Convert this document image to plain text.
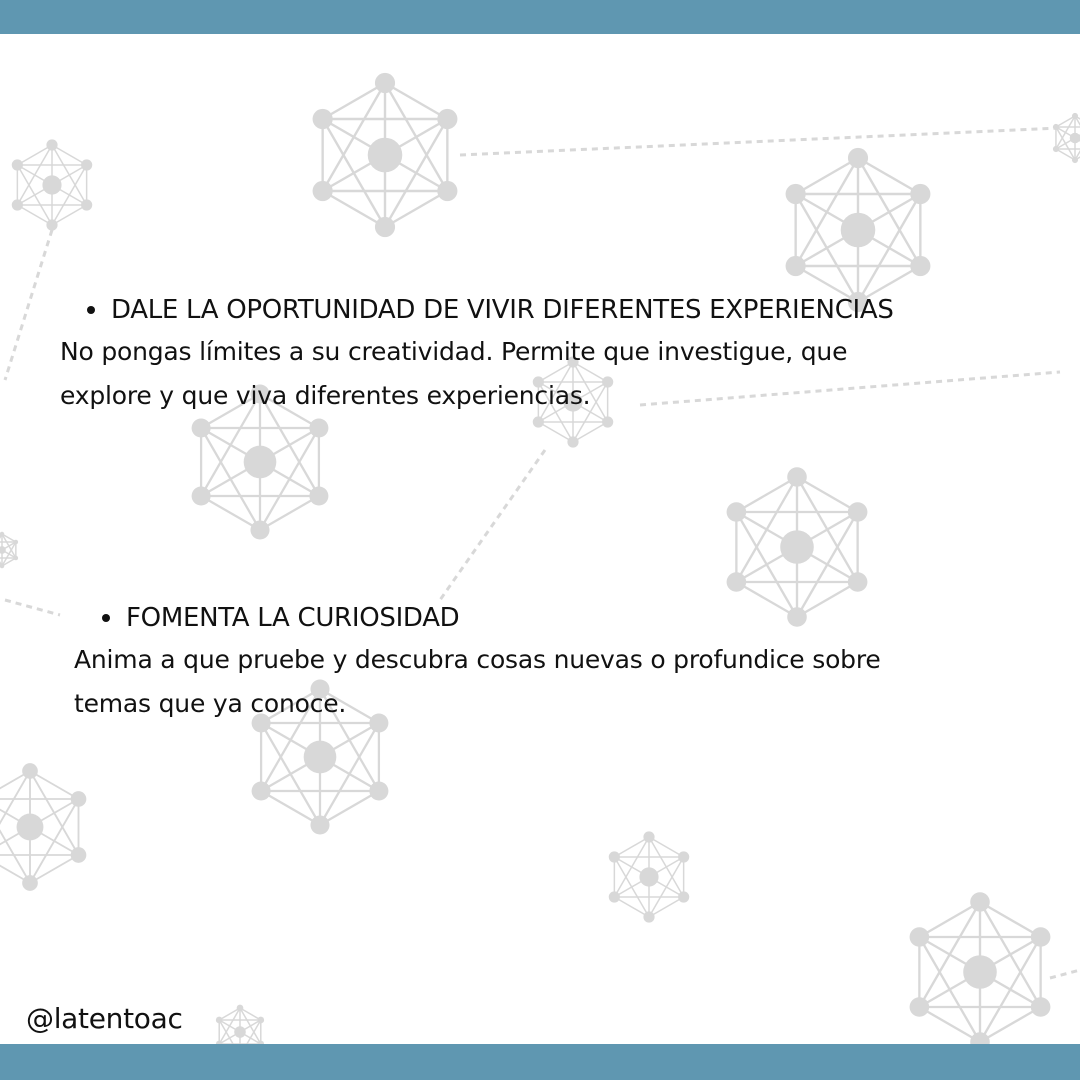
DALE LA OPORTUNIDAD DE VIVIR DIFERENTES EXPERIENCIAS
No pongas límites a su creatividad. Permite que investigue, que
explore y que viva diferentes experiencias.
FOMENTA LA CURIOSIDAD
Anima a que pruebe y descubra cosas nuevas o profundice sobre
temas que ya conoce.
@latentoac
